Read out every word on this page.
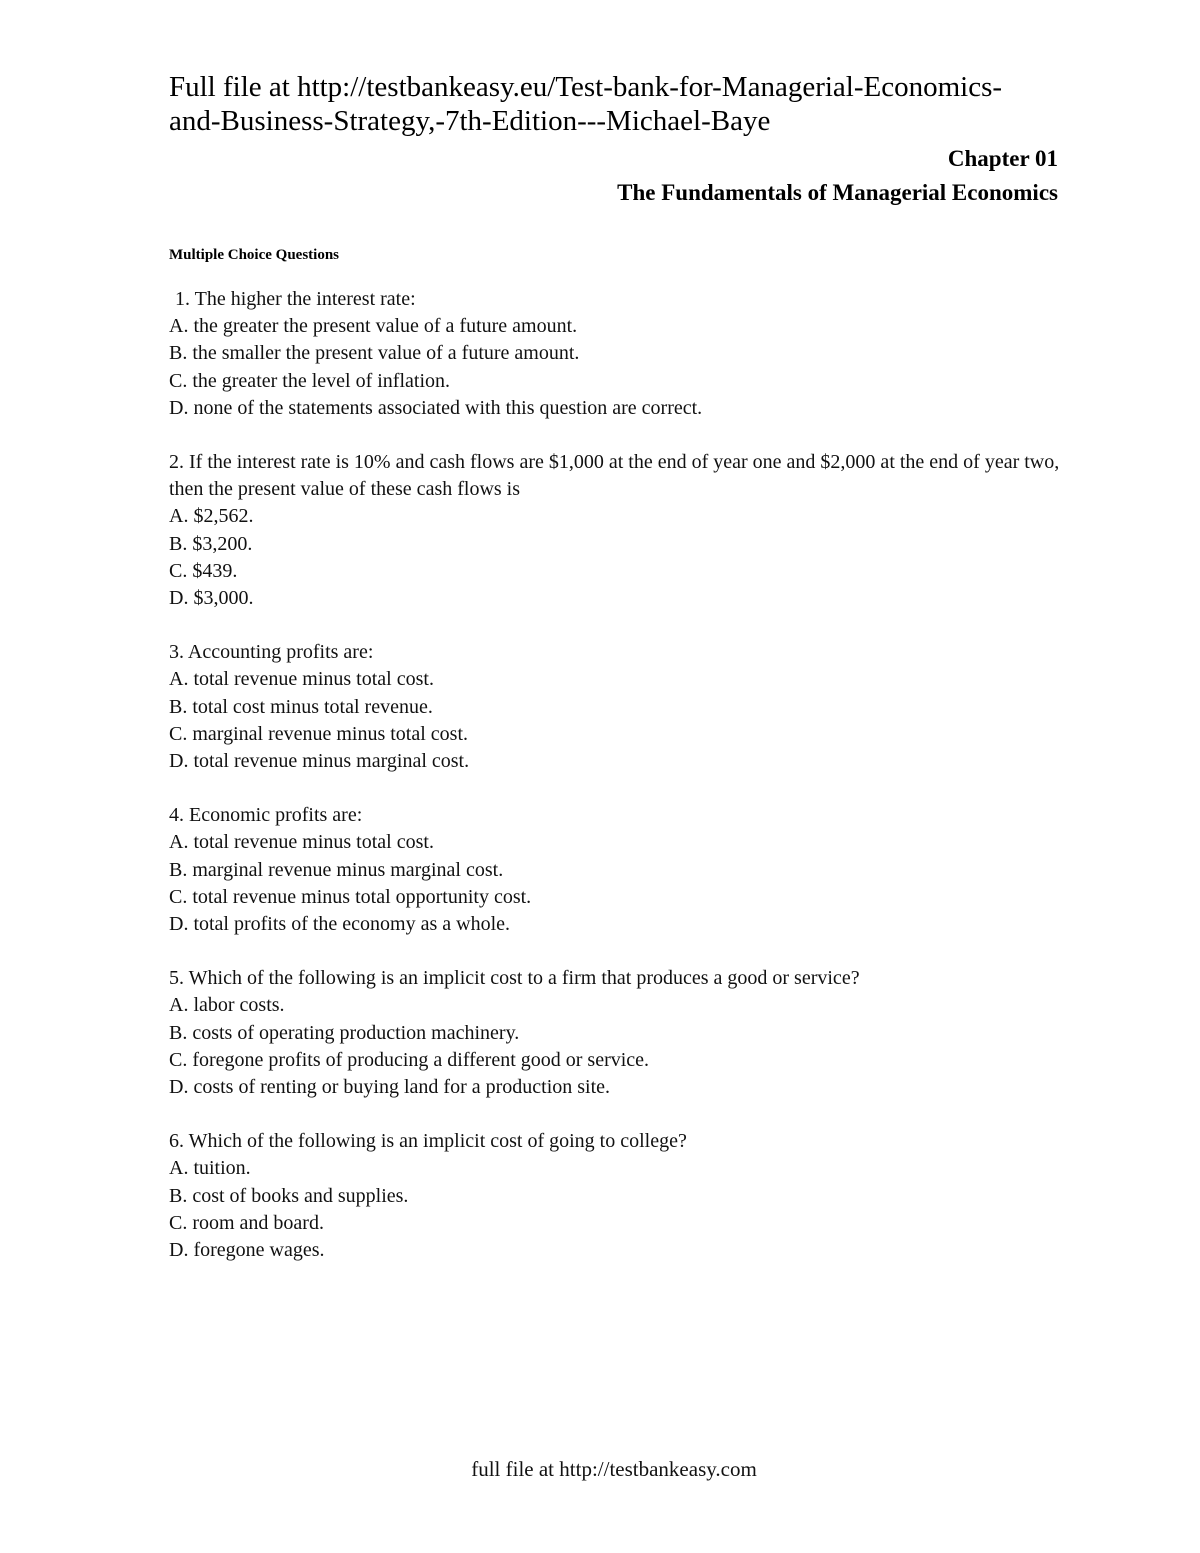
Full file at http://testbankeasy.eu/Test-bank-for-Managerial-Economics-
and-Business-Strategy,-7th-Edition---Michael-Baye
Chapter 01
The Fundamentals of Managerial Economics
Multiple Choice Questions

1. The higher the interest rate:

A. the greater the present value of a future amount.

B. the smaller the present value of a future amount.

C. the greater the level of inflation.

D. none of the statements associated with this question are correct.

2. If the interest rate is 10% and cash flows are $1,000 at the end of year one and $2,000 at the end of year two, then the present value of these cash flows is

A. $2,562.

B. $3,200.

C. $439.

D. $3,000.

3. Accounting profits are:

A. total revenue minus total cost.

B. total cost minus total revenue.

C. marginal revenue minus total cost.

D. total revenue minus marginal cost.

4. Economic profits are:

A. total revenue minus total cost.

B. marginal revenue minus marginal cost.

C. total revenue minus total opportunity cost.

D. total profits of the economy as a whole.

5. Which of the following is an implicit cost to a firm that produces a good or service?

A. labor costs.

B. costs of operating production machinery.

C. foregone profits of producing a different good or service.

D. costs of renting or buying land for a production site.

6. Which of the following is an implicit cost of going to college?

A. tuition.

B. cost of books and supplies.

C. room and board.

D. foregone wages.

full file at http://testbankeasy.com
